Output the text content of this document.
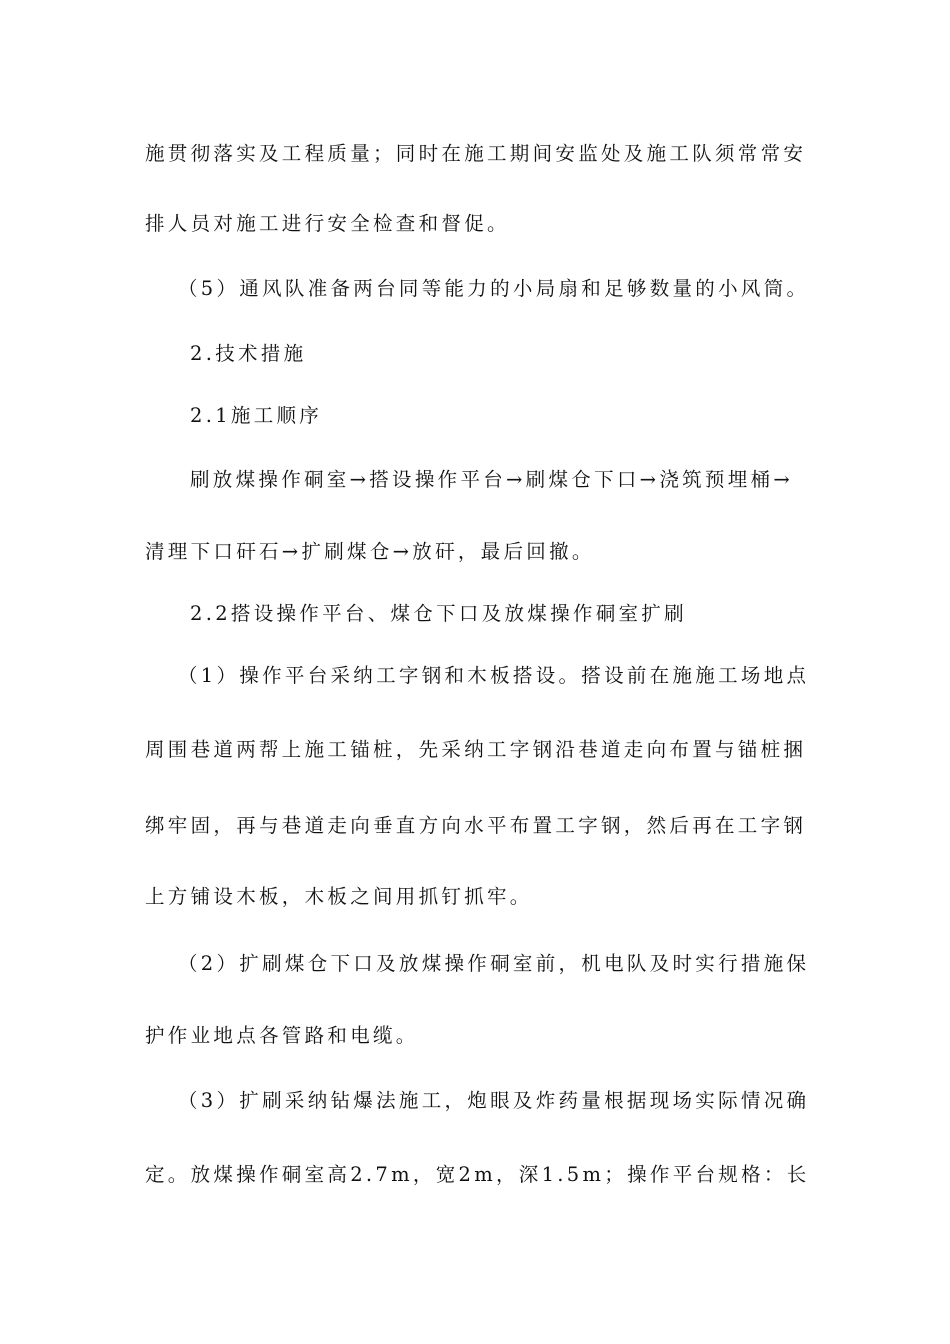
施贯彻落实及工程质量；同时在施工期间安监处及施工队须常常安
排人员对施工进行安全检查和督促。
（5）通风队准备两台同等能力的小局扇和足够数量的小风筒。
2.技术措施
2.1施工顺序
刷放煤操作硐室→搭设操作平台→刷煤仓下口→浇筑预埋桶→
清理下口矸石→扩刷煤仓→放矸，最后回撤。
2.2搭设操作平台、煤仓下口及放煤操作硐室扩刷
（1）操作平台采纳工字钢和木板搭设。搭设前在施施工场地点
周围巷道两帮上施工锚桩，先采纳工字钢沿巷道走向布置与锚桩捆
绑牢固，再与巷道走向垂直方向水平布置工字钢，然后再在工字钢
上方铺设木板，木板之间用抓钉抓牢。
（2）扩刷煤仓下口及放煤操作硐室前，机电队及时实行措施保
护作业地点各管路和电缆。
（3）扩刷采纳钻爆法施工，炮眼及炸药量根据现场实际情况确
定。放煤操作硐室高2.7m，宽2m，深1.5m；操作平台规格：长
